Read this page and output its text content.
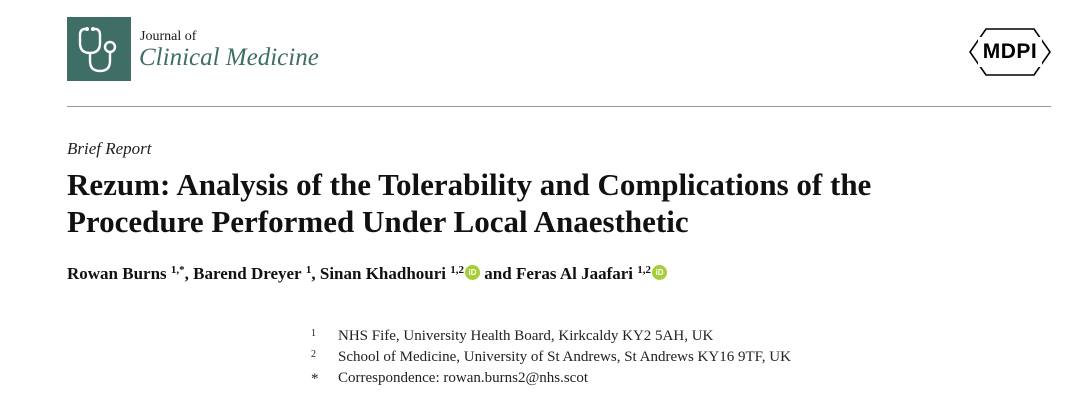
Journal of
Clinical Medicine	MDPI
Brief Report
Rezum: Analysis of the Tolerability and Complications of the
Procedure Performed Under Local Anaesthetic
Rowan Burns $^{1,*}$, Barend Dreyer $^1$, Sinan Khadhouri $^{1,2}$ iD and Feras Al Jaafari $^{1,2}$ iD
1	NHS Fife, University Health Board, Kirkcaldy KY2 5AH, UK
2	School of Medicine, University of St Andrews, St Andrews KY16 9TF, UK
*	Correspondence: rowan.burns2@nhs.scot
